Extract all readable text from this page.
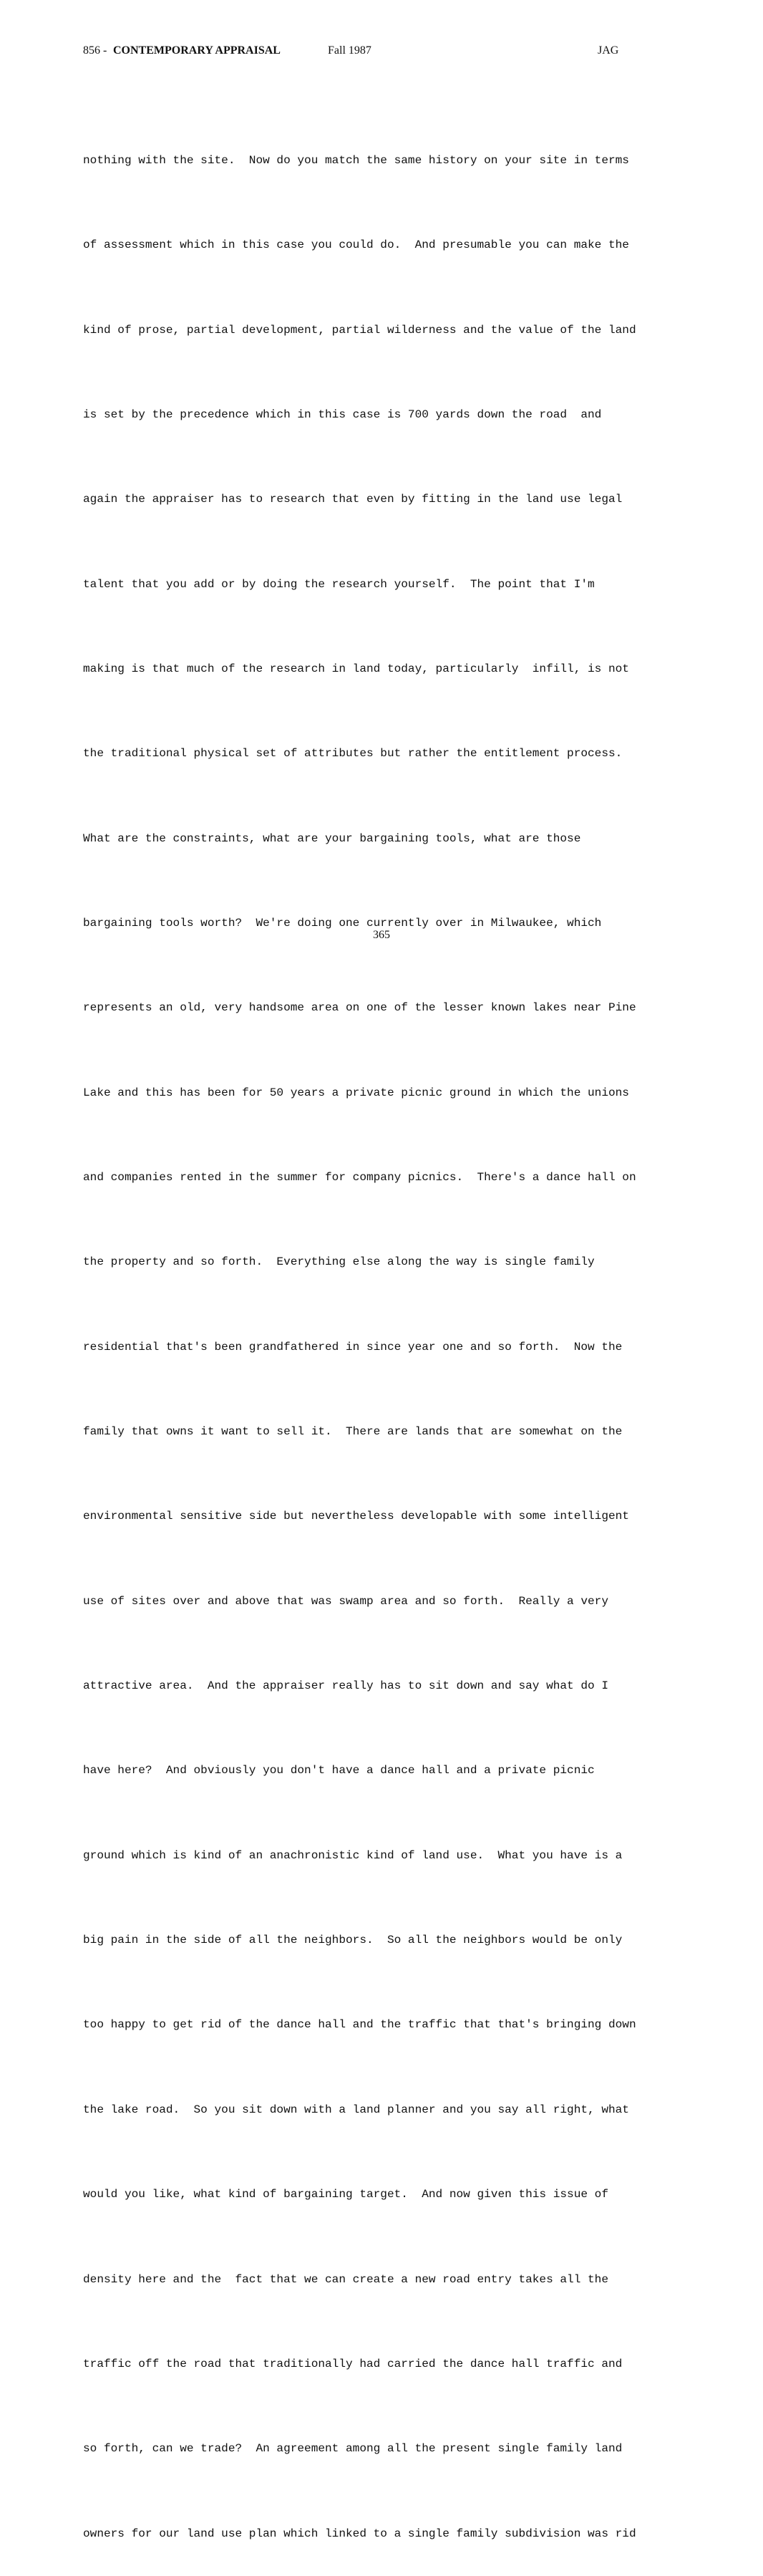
856 - CONTEMPORARY APPRAISAL	Fall 1987	JAG

nothing with the site.  Now do you match the same history on your site in terms

of assessment which in this case you could do.  And presumable you can make the

kind of prose, partial development, partial wilderness and the value of the land

is set by the precedence which in this case is 700 yards down the road  and

again the appraiser has to research that even by fitting in the land use legal

talent that you add or by doing the research yourself.  The point that I'm

making is that much of the research in land today, particularly  infill, is not

the traditional physical set of attributes but rather the entitlement process.

What are the constraints, what are your bargaining tools, what are those

bargaining tools worth?  We're doing one currently over in Milwaukee, which

represents an old, very handsome area on one of the lesser known lakes near Pine

Lake and this has been for 50 years a private picnic ground in which the unions

and companies rented in the summer for company picnics.  There's a dance hall on

the property and so forth.  Everything else along the way is single family

residential that's been grandfathered in since year one and so forth.  Now the

family that owns it want to sell it.  There are lands that are somewhat on the

environmental sensitive side but nevertheless developable with some intelligent

use of sites over and above that was swamp area and so forth.  Really a very

attractive area.  And the appraiser really has to sit down and say what do I

have here?  And obviously you don't have a dance hall and a private picnic

ground which is kind of an anachronistic kind of land use.  What you have is a

big pain in the side of all the neighbors.  So all the neighbors would be only

too happy to get rid of the dance hall and the traffic that that's bringing down

the lake road.  So you sit down with a land planner and you say all right, what

would you like, what kind of bargaining target.  And now given this issue of

density here and the  fact that we can create a new road entry takes all the

traffic off the road that traditionally had carried the dance hall traffic and

so forth, can we trade?  An agreement among all the present single family land

owners for our land use plan which linked to a single family subdivision was rid

365
